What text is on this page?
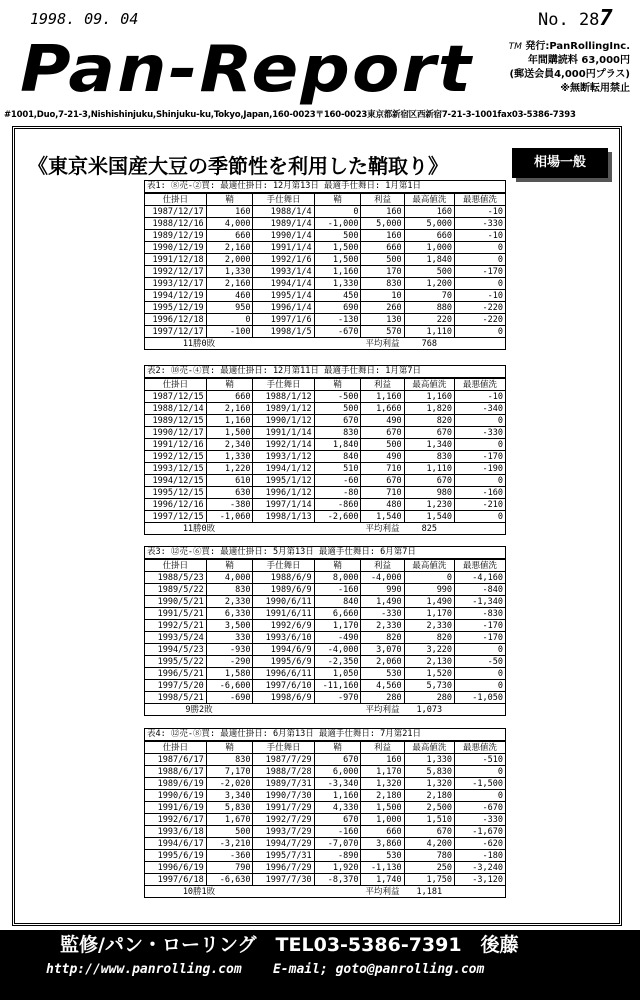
1998. 09. 04	No. 287
Pan-Report	TM 発行:PanRollingInc.
年間購読料 63,000円
(郵送会員4,000円プラス)
※無断転用禁止
#1001,Duo,7-21-3,Nishishinjuku,Shinjuku-ku,Tokyo,Japan,160-0023〒160-0023東京都新宿区西新宿7-21-3-1001fax03-5386-7393
《東京米国産大豆の季節性を利用した鞘取り》	相場一般
表1: ⑧売-②買: 最適仕掛日: 12月第13日 最適手仕舞日: 1月第1日
仕掛日	鞘	手仕舞日	鞘	利益	最高値洗	最悪値洗
1987/12/17	160	1988/1/4	0	160	160	-10
1988/12/16	4,000	1989/1/4	-1,000	5,000	5,000	-330
1989/12/19	660	1990/1/4	500	160	660	-10
1990/12/19	2,160	1991/1/4	1,500	660	1,000	0
1991/12/18	2,000	1992/1/6	1,500	500	1,840	0
1992/12/17	1,330	1993/1/4	1,160	170	500	-170
1993/12/17	2,160	1994/1/4	1,330	830	1,200	0
1994/12/19	460	1995/1/4	450	10	70	-10
1995/12/19	950	1996/1/4	690	260	880	-220
1996/12/18	0	1997/1/6	-130	130	220	-220
1997/12/17	-100	1998/1/5	-670	570	1,110	0
11勝0敗				平均利益	768	
表2: ⑩売-④買: 最適仕掛日: 12月第11日 最適手仕舞日: 1月第7日
仕掛日	鞘	手仕舞日	鞘	利益	最高値洗	最悪値洗
1987/12/15	660	1988/1/12	-500	1,160	1,160	-10
1988/12/14	2,160	1989/1/12	500	1,660	1,820	-340
1989/12/15	1,160	1990/1/12	670	490	820	0
1990/12/17	1,500	1991/1/14	830	670	670	-330
1991/12/16	2,340	1992/1/14	1,840	500	1,340	0
1992/12/15	1,330	1993/1/12	840	490	830	-170
1993/12/15	1,220	1994/1/12	510	710	1,110	-190
1994/12/15	610	1995/1/12	-60	670	670	0
1995/12/15	630	1996/1/12	-80	710	980	-160
1996/12/16	-380	1997/1/14	-860	480	1,230	-210
1997/12/15	-1,060	1998/1/13	-2,600	1,540	1,540	0
11勝0敗				平均利益	825	
表3: ⑫売-⑥買: 最適仕掛日: 5月第13日 最適手仕舞日: 6月第7日
仕掛日	鞘	手仕舞日	鞘	利益	最高値洗	最悪値洗
1988/5/23	4,000	1988/6/9	8,000	-4,000	0	-4,160
1989/5/22	830	1989/6/9	-160	990	990	-840
1990/5/21	2,330	1990/6/11	840	1,490	1,490	-1,340
1991/5/21	6,330	1991/6/11	6,660	-330	1,170	-830
1992/5/21	3,500	1992/6/9	1,170	2,330	2,330	-170
1993/5/24	330	1993/6/10	-490	820	820	-170
1994/5/23	-930	1994/6/9	-4,000	3,070	3,220	0
1995/5/22	-290	1995/6/9	-2,350	2,060	2,130	-50
1996/5/21	1,580	1996/6/11	1,050	530	1,520	0
1997/5/20	-6,600	1997/6/10	-11,160	4,560	5,730	0
1998/5/21	-690	1998/6/9	-970	280	280	-1,050
9勝2敗				平均利益	1,073	
表4: ⑫売-⑧買: 最適仕掛日: 6月第13日 最適手仕舞日: 7月第21日
仕掛日	鞘	手仕舞日	鞘	利益	最高値洗	最悪値洗
1987/6/17	830	1987/7/29	670	160	1,330	-510
1988/6/17	7,170	1988/7/28	6,000	1,170	5,830	0
1989/6/19	-2,020	1989/7/31	-3,340	1,320	1,320	-1,500
1990/6/19	3,340	1990/7/30	1,160	2,180	2,180	0
1991/6/19	5,830	1991/7/29	4,330	1,500	2,500	-670
1992/6/17	1,670	1992/7/29	670	1,000	1,510	-330
1993/6/18	500	1993/7/29	-160	660	670	-1,670
1994/6/17	-3,210	1994/7/29	-7,070	3,860	4,200	-620
1995/6/19	-360	1995/7/31	-890	530	780	-180
1996/6/19	790	1996/7/29	1,920	-1,130	250	-3,240
1997/6/18	-6,630	1997/7/30	-8,370	1,740	1,750	-3,120
10勝1敗				平均利益	1,181	
監修/パン・ローリング　TEL03-5386-7391　後藤
http://www.panrolling.com E-mail; goto@panrolling.com
